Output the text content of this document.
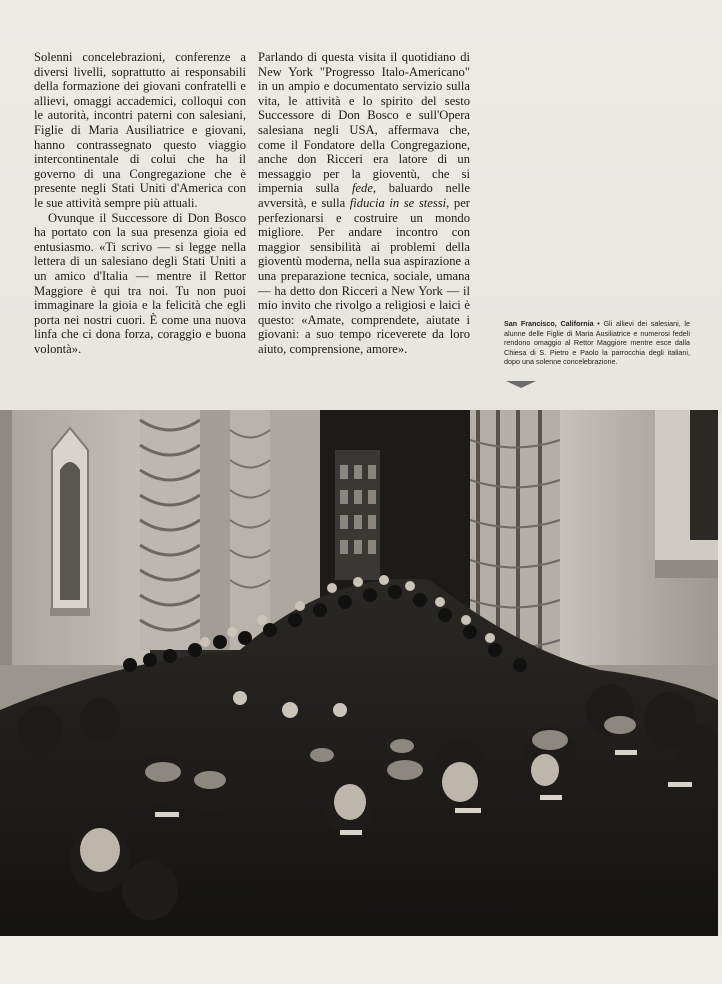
Solenni concelebrazioni, conferenze a diversi livelli, soprattutto ai responsabili della formazione dei giovani confratelli e allievi, omaggi accademici, colloqui con le autorità, incontri paterni con salesiani, Figlie di Maria Ausiliatrice e giovani, hanno contrassegnato questo viaggio intercontinentale di colui che ha il governo di una Congregazione che è presente negli Stati Uniti d'America con le sue attività sempre più attuali.

Ovunque il Successore di Don Bosco ha portato con la sua presenza gioia ed entusiasmo. «Ti scrivo — si legge nella lettera di un salesiano degli Stati Uniti a un amico d'Italia — mentre il Rettor Maggiore è qui tra noi. Tu non puoi immaginare la gioia e la felicità che egli porta nei nostri cuori. È come una nuova linfa che ci dona forza, coraggio e buona volontà».

Parlando di questa visita il quotidiano di New York "Progresso Italo-Americano" in un ampio e documentato servizio sulla vita, le attività e lo spirito del sesto Successore di Don Bosco e sull'Opera salesiana negli USA, affermava che, come il Fondatore della Congregazione, anche don Ricceri era latore di un messaggio per la gioventù, che si impernia sulla fede, baluardo nelle avversità, e sulla fiducia in se stessi, per perfezionarsi e costruire un mondo migliore. Per andare incontro con maggior sensibilità ai problemi della gioventù moderna, nella sua aspirazione a una preparazione tecnica, sociale, umana — ha detto don Ricceri a New York — il mio invito che rivolgo a religiosi e laici è questo: «Amate, comprendete, aiutate i giovani: a suo tempo riceverete da loro aiuto, comprensione, amore».

San Francisco, California • Gli allievi dei salesiani, le alunne delle Figlie di Maria Ausiliatrice e numerosi fedeli rendono omaggio al Rettor Maggiore mentre esce dalla Chiesa di S. Pietro e Paolo la parrocchia degli italiani, dopo una solenne concelebrazione.
